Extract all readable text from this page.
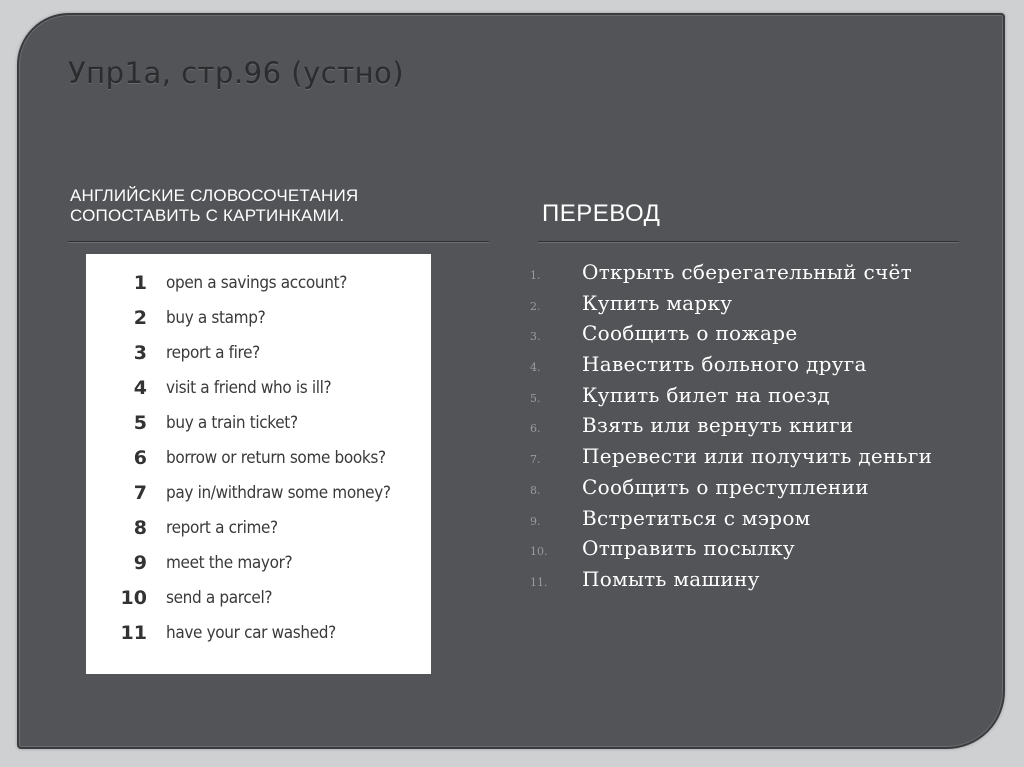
Упр1a, стр.96 (устно)
АНГЛИЙСКИЕ СЛОВОСОЧЕТАНИЯ
СОПОСТАВИТЬ С КАРТИНКАМИ.	ПЕРЕВОД
1 open a savings account?
2 buy a stamp?
3 report a fire?
4 visit a friend who is ill?
5 buy a train ticket?
6 borrow or return some books?
7 pay in/withdraw some money?
8 report a crime?
9 meet the mayor?
10 send a parcel?
11 have your car washed?
1.	Открыть сберегательный счёт
2.	Купить марку
3.	Сообщить о пожаре
4.	Навестить больного друга
5.	Купить билет на поезд
6.	Взять или вернуть книги
7.	Перевести или получить деньги
8.	Сообщить о преступлении
9.	Встретиться с мэром
10.	Отправить посылку
11.	Помыть машину
